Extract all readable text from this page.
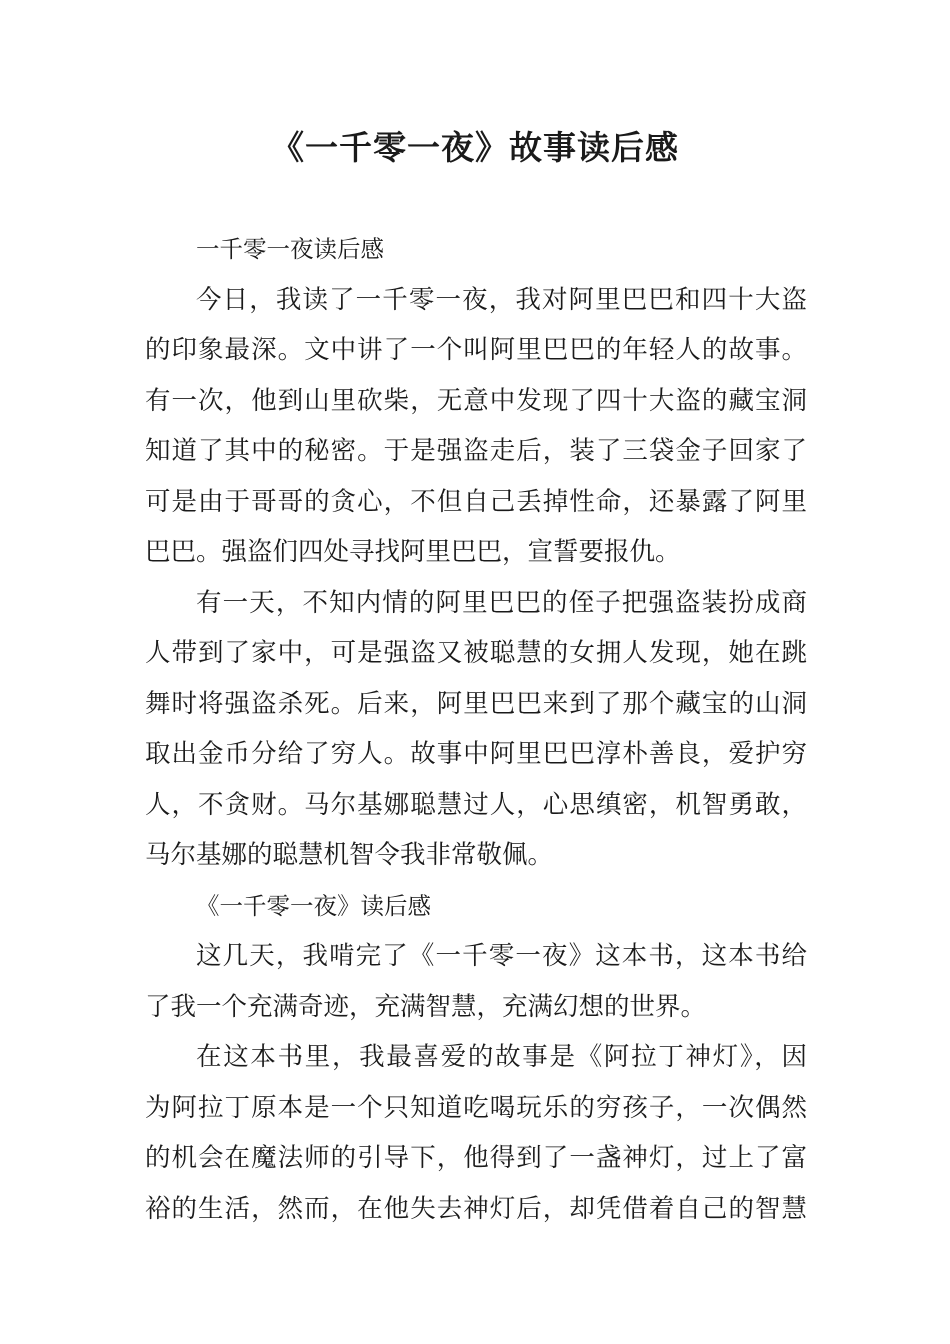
《一千零一夜》故事读后感
一千零一夜读后感
今日，我读了一千零一夜，我对阿里巴巴和四十大盗
的印象最深。文中讲了一个叫阿里巴巴的年轻人的故事。
有一次，他到山里砍柴，无意中发现了四十大盗的藏宝洞
知道了其中的秘密。于是强盗走后，装了三袋金子回家了
可是由于哥哥的贪心，不但自己丢掉性命，还暴露了阿里
巴巴。强盗们四处寻找阿里巴巴，宣誓要报仇。
有一天，不知内情的阿里巴巴的侄子把强盗装扮成商
人带到了家中，可是强盗又被聪慧的女拥人发现，她在跳
舞时将强盗杀死。后来，阿里巴巴来到了那个藏宝的山洞
取出金币分给了穷人。故事中阿里巴巴淳朴善良，爱护穷
人，不贪财。马尔基娜聪慧过人，心思缜密，机智勇敢，
马尔基娜的聪慧机智令我非常敬佩。
《一千零一夜》读后感
这几天，我啃完了《一千零一夜》这本书，这本书给
了我一个充满奇迹，充满智慧，充满幻想的世界。
在这本书里，我最喜爱的故事是《阿拉丁神灯》，因
为阿拉丁原本是一个只知道吃喝玩乐的穷孩子，一次偶然
的机会在魔法师的引导下，他得到了一盏神灯，过上了富
裕的生活，然而，在他失去神灯后，却凭借着自己的智慧
